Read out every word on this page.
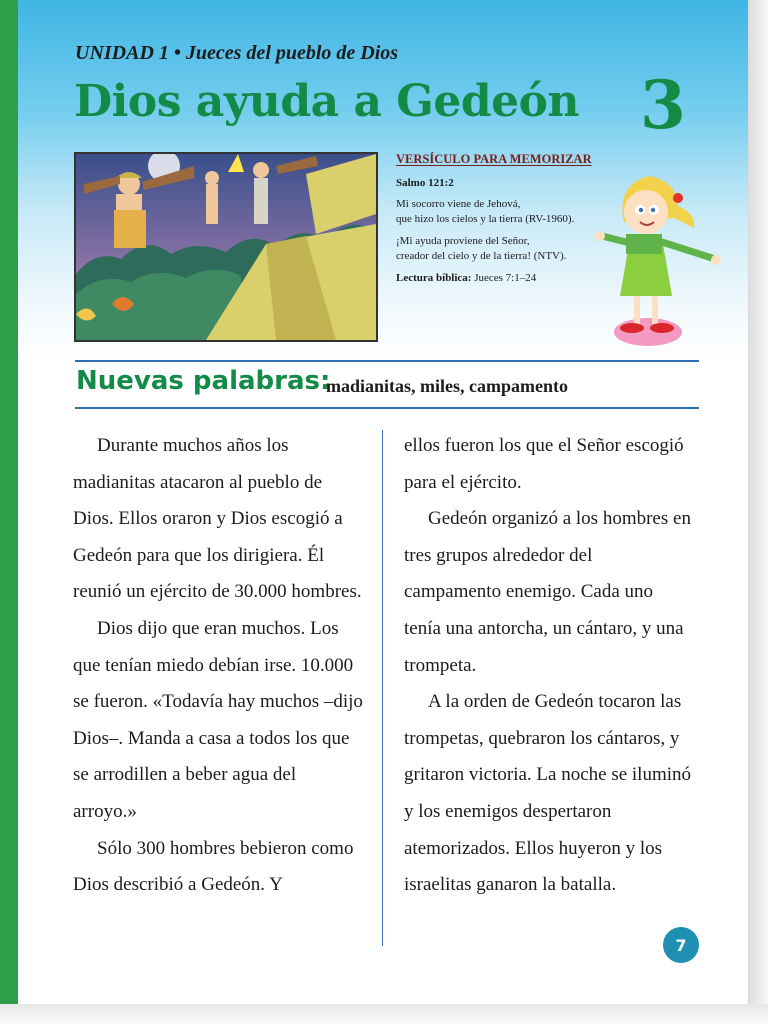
UNIDAD 1 • Jueces del pueblo de Dios
Dios ayuda a Gedeón 3
VERSÍCULO PARA MEMORIZAR
Salmo 121:2
Mi socorro viene de Jehová,
que hizo los cielos y la tierra (RV-1960).
¡Mi ayuda proviene del Señor,
creador del cielo y de la tierra! (NTV).
Lectura bíblica: Jueces 7:1–24
Nuevas palabras:
madianitas, miles, campamento

Durante muchos años los madianitas atacaron al pueblo de Dios. Ellos oraron y Dios escogió a Gedeón para que los dirigiera. Él reunió un ejército de 30.000 hombres.

Dios dijo que eran muchos. Los que tenían miedo debían irse. 10.000 se fueron. «Todavía hay muchos –dijo Dios–. Manda a casa a todos los que se arrodillen a beber agua del arroyo.»

Sólo 300 hombres bebieron como Dios describió a Gedeón. Y

ellos fueron los que el Señor escogió para el ejército.

Gedeón organizó a los hombres en tres grupos alrededor del campamento enemigo. Cada uno tenía una antorcha, un cántaro, y una trompeta.

A la orden de Gedeón tocaron las trompetas, quebraron los cántaros, y gritaron victoria. La noche se iluminó y los enemigos despertaron atemorizados. Ellos huyeron y los israelitas ganaron la batalla.

7
